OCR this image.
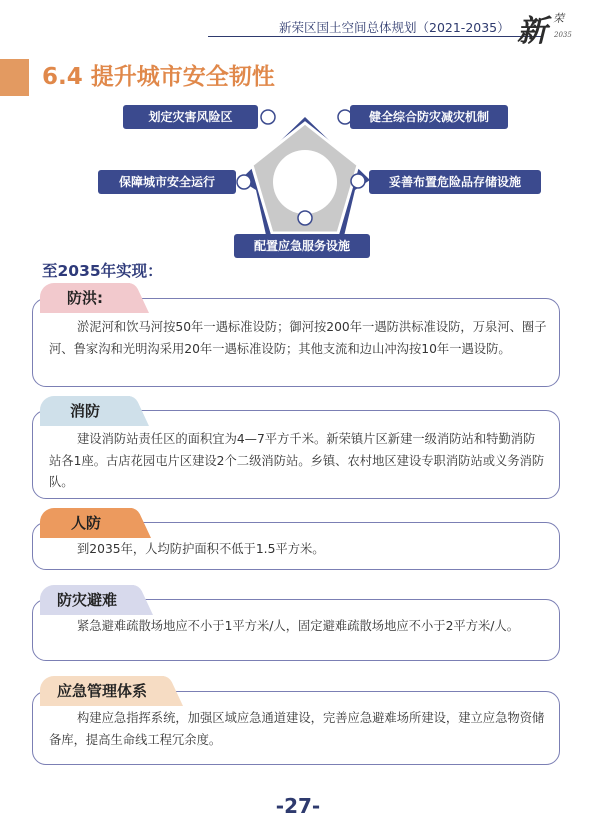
新荣区国土空间总体规划（2021-2035） 新 荣
2035
6.4 提升城市安全韧性
划定灾害风险区	健全综合防灾减灾机制
保障城市安全运行	妥善布置危险品存储设施
配置应急服务设施
至2035年实现：
淤泥河和饮马河按50年一遇标准设防；御河按200年一遇防洪标准设防，万泉河、圈子河、鲁家沟和光明沟采用20年一遇标准设防；其他支流和边山冲沟按10年一遇设防。
防洪:
建设消防站责任区的面积宜为4—7平方千米。新荣镇片区新建一级消防站和特勤消防站各1座。古店花园屯片区建设2个二级消防站。乡镇、农村地区建设专职消防站或义务消防队。
消防
到2035年，人均防护面积不低于1.5平方米。
人防
紧急避难疏散场地应不小于1平方米/人，固定避难疏散场地应不小于2平方米/人。
防灾避难
构建应急指挥系统，加强区域应急通道建设，完善应急避难场所建设，建立应急物资储备库，提高生命线工程冗余度。
应急管理体系
-27-
